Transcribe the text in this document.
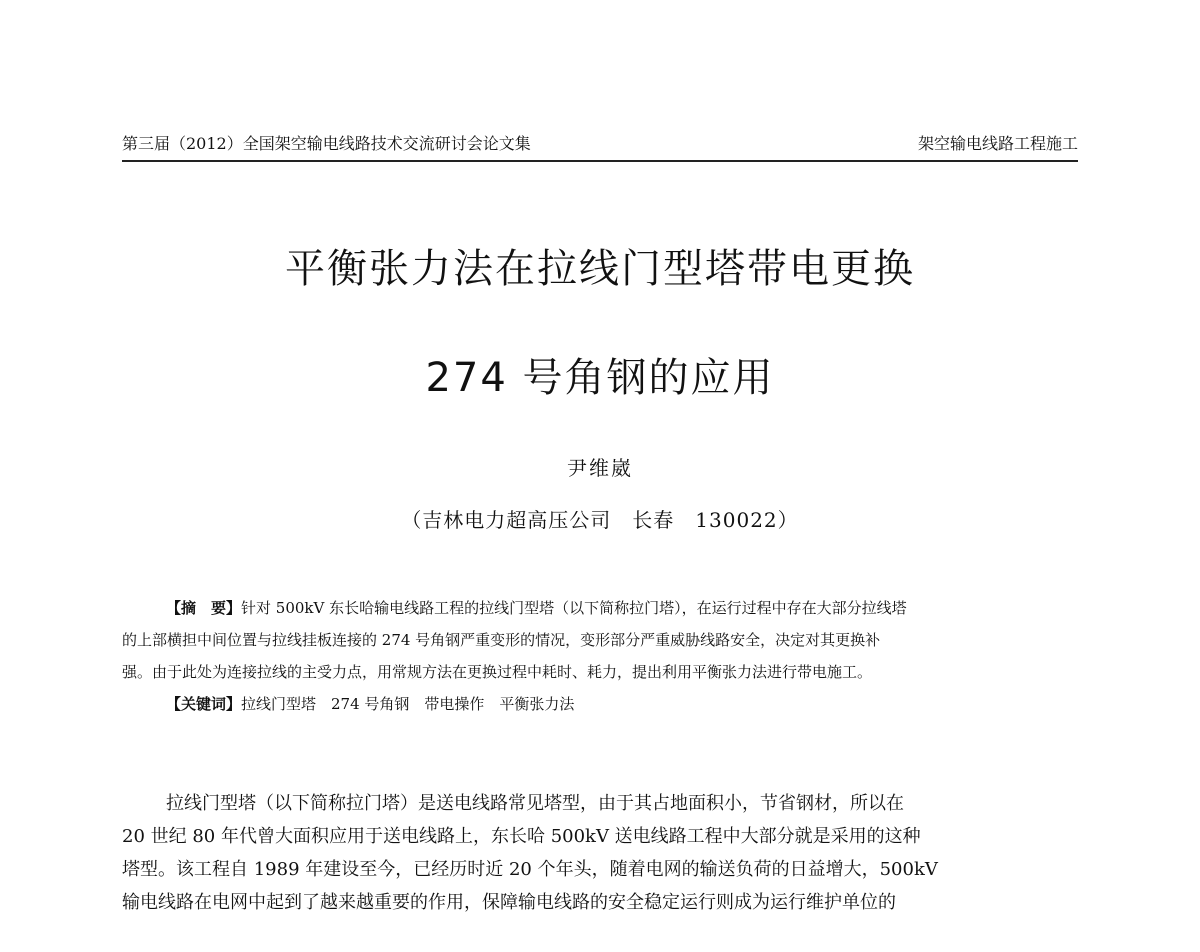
第三届（2012）全国架空输电线路技术交流研讨会论文集	架空输电线路工程施工
平衡张力法在拉线门型塔带电更换
274 号角钢的应用
尹维崴
（吉林电力超高压公司　长春　130022）
【摘　要】针对 500kV 东长哈输电线路工程的拉线门型塔（以下简称拉门塔），在运行过程中存在大部分拉线塔
的上部横担中间位置与拉线挂板连接的 274 号角钢严重变形的情况，变形部分严重威胁线路安全，决定对其更换补
强。由于此处为连接拉线的主受力点，用常规方法在更换过程中耗时、耗力，提出利用平衡张力法进行带电施工。
【关键词】拉线门型塔　274 号角钢　带电操作　平衡张力法
拉线门型塔（以下简称拉门塔）是送电线路常见塔型，由于其占地面积小，节省钢材，所以在
20 世纪 80 年代曾大面积应用于送电线路上，东长哈 500kV 送电线路工程中大部分就是采用的这种
塔型。该工程自 1989 年建设至今，已经历时近 20 个年头，随着电网的输送负荷的日益增大，500kV
输电线路在电网中起到了越来越重要的作用，保障输电线路的安全稳定运行则成为运行维护单位的
